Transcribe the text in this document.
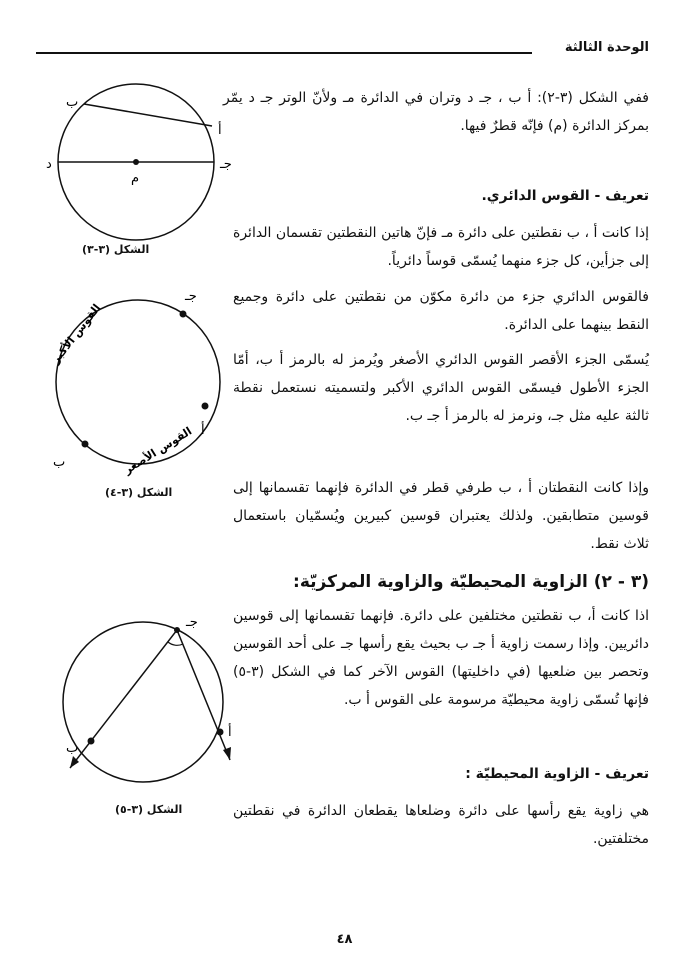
الوحدة الثالثة
ب
أ
د	جـ
م
الشكل (٣-٣)
جـ
أ
ب
القوس الأكبر
القوس الأصغر
الشكل (٣-٤)
جـ
أ
ب
الشكل (٣-٥)

ففي الشكل (٣-٢): أ ب ، جـ د وتران في الدائرة مـ ولأنّ الوتر جـ د يمّر بمركز الدائرة (م) فإنّه قطرٌ فيها.

تعريف - القوس الدائري.

إذا كانت أ ، ب نقطتين على دائرة مـ فإنّ هاتين النقطتين تقسمان الدائرة إلى جزأين، كل جزء منهما يُسمّى قوساً دائرياً.

فالقوس الدائري جزء من دائرة مكوّن من نقطتين على دائرة وجميع النقط بينهما على الدائرة.

يُسمّى الجزء الأقصر القوس الدائري الأصغر ويُرمز له بالرمز أ ب، أمّا الجزء الأطول فيسمّى القوس الدائري الأكبر ولتسميته نستعمل نقطة ثالثة عليه مثل جـ، ونرمز له بالرمز أ جـ ب.

وإذا كانت النقطتان أ ، ب طرفي قطر في الدائرة فإنهما تقسمانها إلى قوسين متطابقين. ولذلك يعتبران قوسين كبيرين ويُسمّيان باستعمال ثلاث نقط.

(٣ - ٢) الزاوية المحيطيّة والزاوية المركزيّة:

اذا كانت أ، ب نقطتين مختلفين على دائرة. فإنهما تقسمانها إلى قوسين دائريين. وإذا رسمت زاوية أ جـ ب بحيث يقع رأسها جـ على أحد القوسين وتحصر بين ضلعيها (في داخليتها) القوس الآخر كما في الشكل (٣-٥) فإنها تُسمّى زاوية محيطيّة مرسومة على القوس أ ب.

تعريف - الزاوية المحيطيّة :

هي زاوية يقع رأسها على دائرة وضلعاها يقطعان الدائرة في نقطتين مختلفتين.

٤٨
